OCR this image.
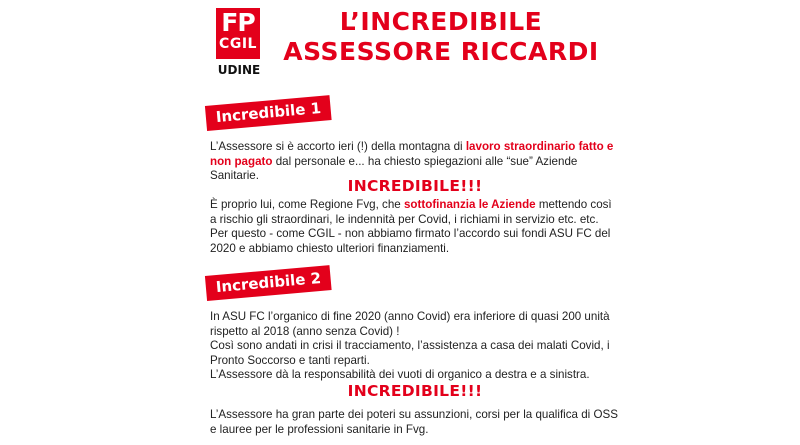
FP
CGIL
UDINE
L’INCREDIBILE
ASSESSORE RICCARDI
Incredibile 1
L’Assessore si è accorto ieri (!) della montagna di lavoro straordinario fatto e non pagato dal personale e... ha chiesto spiegazioni alle “sue” Aziende Sanitarie.
INCREDIBILE!!!
È proprio lui, come Regione Fvg, che sottofinanzia le Aziende mettendo così a rischio gli straordinari, le indennità per Covid, i richiami in servizio etc. etc.
Per questo - come CGIL - non abbiamo firmato l’accordo sui fondi ASU FC del 2020 e abbiamo chiesto ulteriori finanziamenti.
Incredibile 2
In ASU FC l’organico di fine 2020 (anno Covid) era inferiore di quasi 200 unità rispetto al 2018 (anno senza Covid) !
Così sono andati in crisi il tracciamento, l’assistenza a casa dei malati Covid, i Pronto Soccorso e tanti reparti.
L’Assessore dà la responsabilità dei vuoti di organico a destra e a sinistra.
INCREDIBILE!!!
L’Assessore ha gran parte dei poteri su assunzioni, corsi per la qualifica di OSS e lauree per le professioni sanitarie in Fvg.
